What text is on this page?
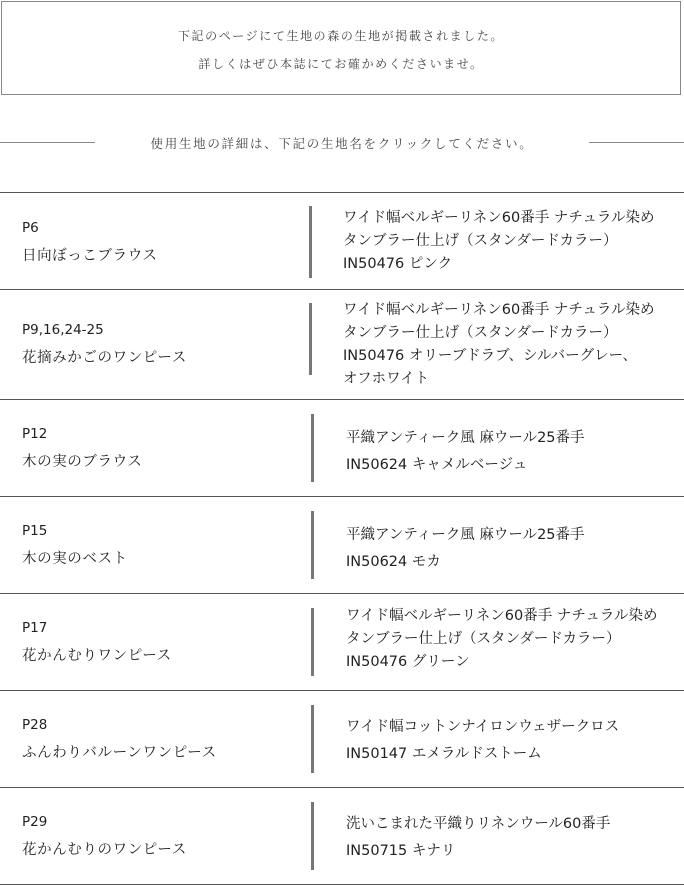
下記のページにて生地の森の生地が掲載されました。
詳しくはぜひ本誌にてお確かめくださいませ。
使用生地の詳細は、下記の生地名をクリックしてください。
P6
日向ぼっこブラウス
ワイド幅ベルギーリネン60番手 ナチュラル染め
タンブラー仕上げ（スタンダードカラー）
IN50476 ピンク
P9,16,24-25
花摘みかごのワンピース
ワイド幅ベルギーリネン60番手 ナチュラル染め
タンブラー仕上げ（スタンダードカラー）
IN50476 オリーブドラブ、シルバーグレー、
オフホワイト
P12
木の実のブラウス
平織アンティーク風 麻ウール25番手
IN50624 キャメルベージュ
P15
木の実のベスト
平織アンティーク風 麻ウール25番手
IN50624 モカ
P17
花かんむりワンピース
ワイド幅ベルギーリネン60番手 ナチュラル染め
タンブラー仕上げ（スタンダードカラー）
IN50476 グリーン
P28
ふんわりバルーンワンピース
ワイド幅コットンナイロンウェザークロス
IN50147 エメラルドストーム
P29
花かんむりのワンピース
洗いこまれた平織りリネンウール60番手
IN50715 キナリ
